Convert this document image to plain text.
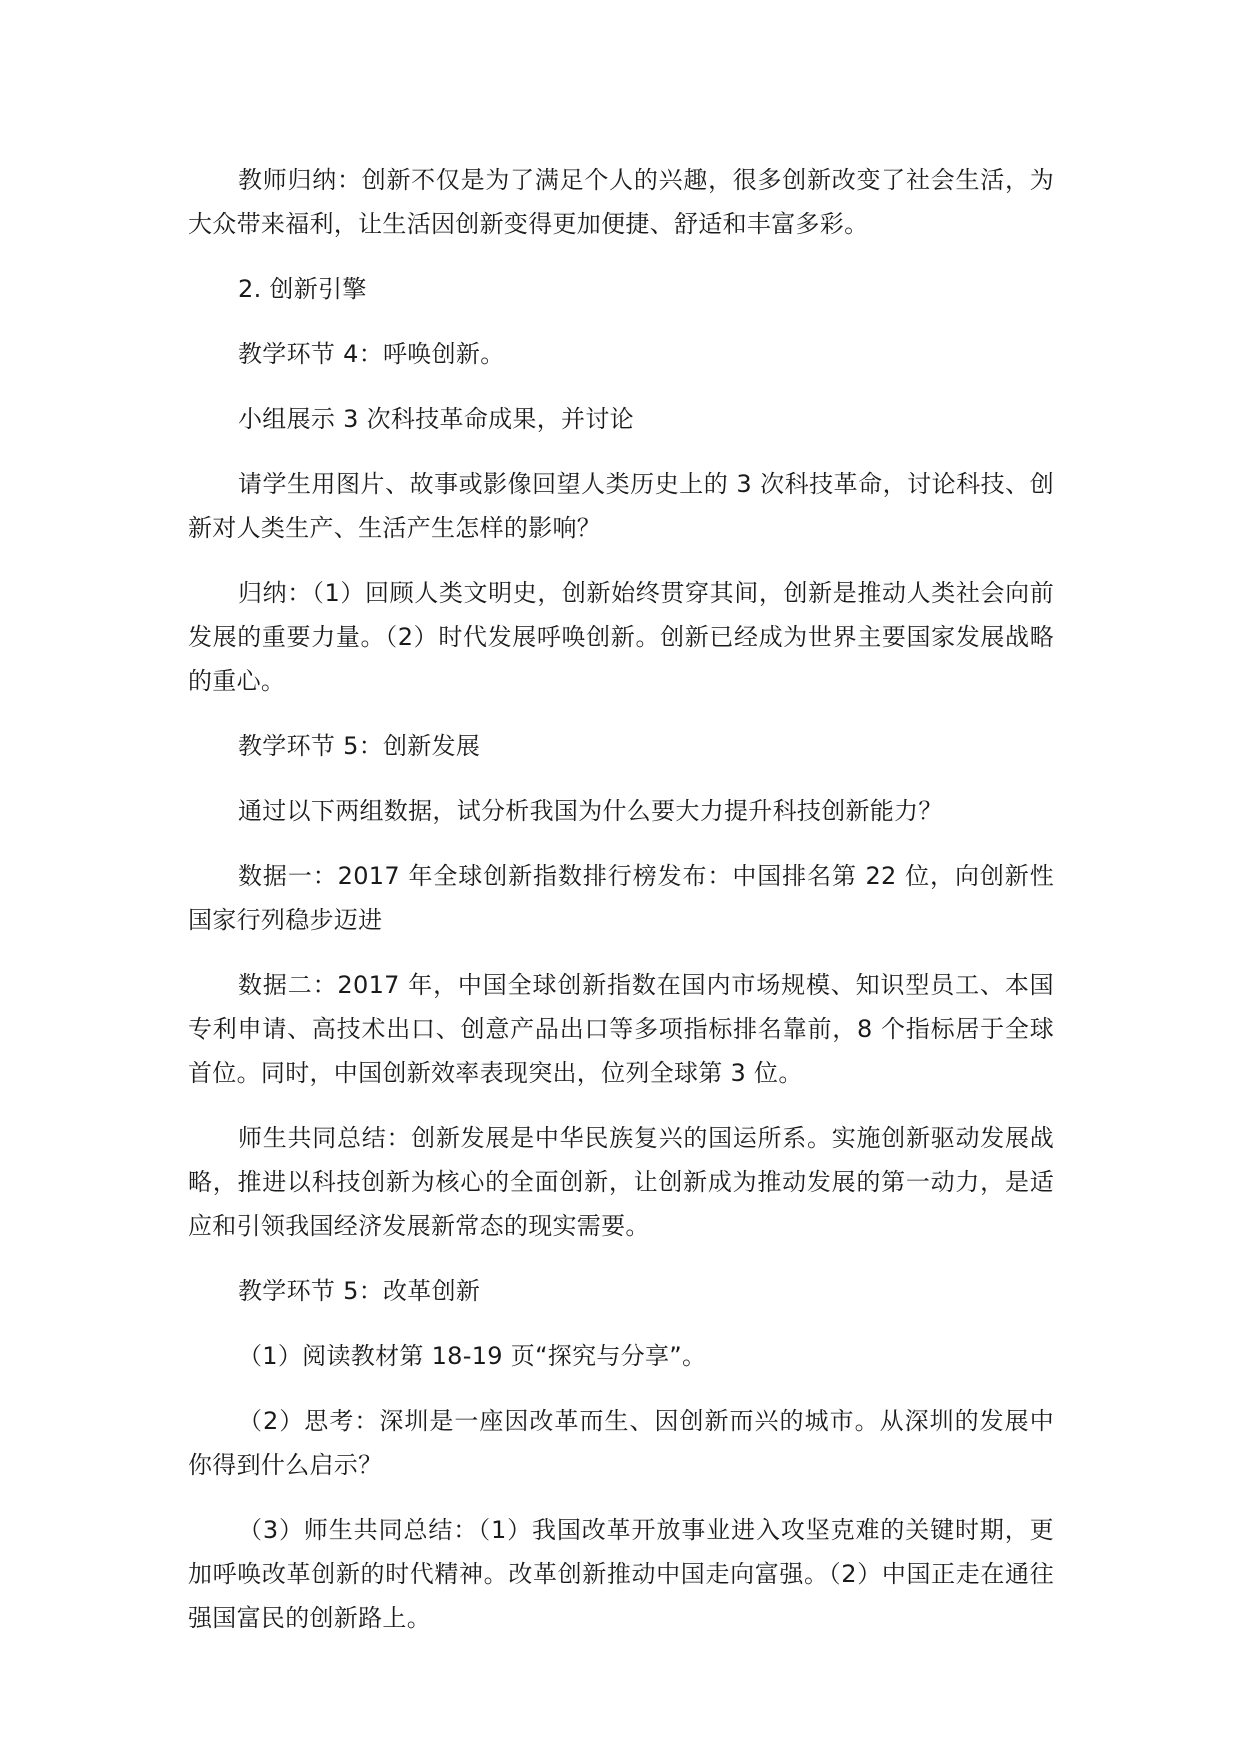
教师归纳：创新不仅是为了满足个人的兴趣，很多创新改变了社会生活，为大众带来福利，让生活因创新变得更加便捷、舒适和丰富多彩。

2. 创新引擎

教学环节 4：呼唤创新。

小组展示 3 次科技革命成果，并讨论

请学生用图片、故事或影像回望人类历史上的 3 次科技革命，讨论科技、创新对人类生产、生活产生怎样的影响？

归纳：（1）回顾人类文明史，创新始终贯穿其间，创新是推动人类社会向前发展的重要力量。（2）时代发展呼唤创新。创新已经成为世界主要国家发展战略的重心。

教学环节 5：创新发展

通过以下两组数据，试分析我国为什么要大力提升科技创新能力？

数据一：2017 年全球创新指数排行榜发布：中国排名第 22 位，向创新性国家行列稳步迈进

数据二：2017 年，中国全球创新指数在国内市场规模、知识型员工、本国专利申请、高技术出口、创意产品出口等多项指标排名靠前，8 个指标居于全球首位。同时，中国创新效率表现突出，位列全球第 3 位。

师生共同总结：创新发展是中华民族复兴的国运所系。实施创新驱动发展战略，推进以科技创新为核心的全面创新，让创新成为推动发展的第一动力，是适应和引领我国经济发展新常态的现实需要。

教学环节 5：改革创新

（1）阅读教材第 18-19 页“探究与分享”。

（2）思考：深圳是一座因改革而生、因创新而兴的城市。从深圳的发展中你得到什么启示？

（3）师生共同总结：（1）我国改革开放事业进入攻坚克难的关键时期，更加呼唤改革创新的时代精神。改革创新推动中国走向富强。（2）中国正走在通往强国富民的创新路上。
